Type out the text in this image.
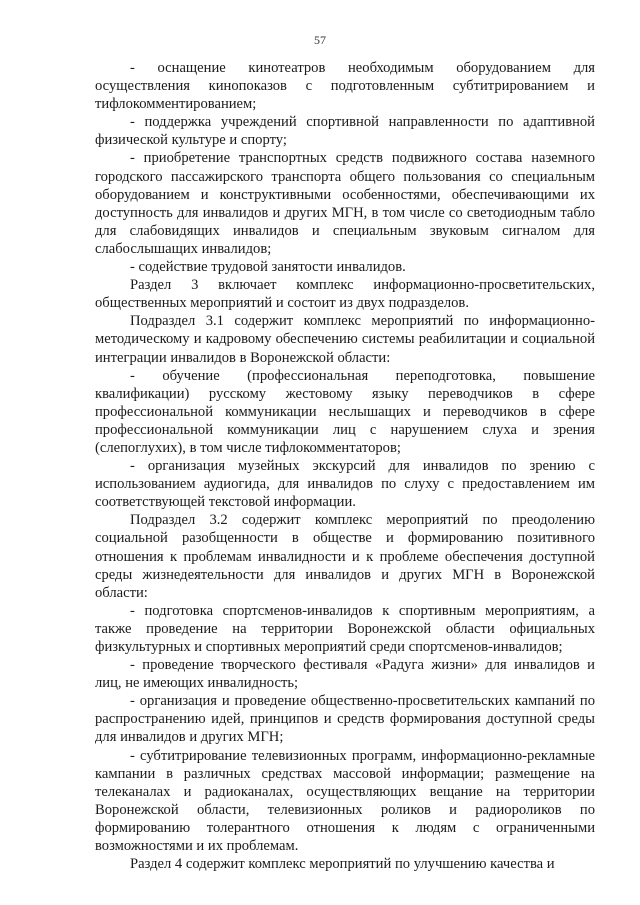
57

- оснащение кинотеатров необходимым оборудованием для осуществления кинопоказов с подготовленным субтитрированием и тифлокомментированием;

- поддержка учреждений спортивной направленности по адаптивной физической культуре и спорту;

- приобретение транспортных средств подвижного состава наземного городского пассажирского транспорта общего пользования со специальным оборудованием и конструктивными особенностями, обеспечивающими их доступность для инвалидов и других МГН, в том числе со светодиодным табло для слабовидящих инвалидов и специальным звуковым сигналом для слабослышащих инвалидов;

- содействие трудовой занятости инвалидов.

Раздел 3 включает комплекс информационно-просветительских, общественных мероприятий и состоит из двух подразделов.

Подраздел 3.1 содержит комплекс мероприятий по информационно-методическому и кадровому обеспечению системы реабилитации и социальной интеграции инвалидов в Воронежской области:

- обучение (профессиональная переподготовка, повышение квалификации) русскому жестовому языку переводчиков в сфере профессиональной коммуникации неслышащих и переводчиков в сфере профессиональной коммуникации лиц с нарушением слуха и зрения (слепоглухих), в том числе тифлокомментаторов;

- организация музейных экскурсий для инвалидов по зрению с использованием аудиогида, для инвалидов по слуху с предоставлением им соответствующей текстовой информации.

Подраздел 3.2 содержит комплекс мероприятий по преодолению социальной разобщенности в обществе и формированию позитивного отношения к проблемам инвалидности и к проблеме обеспечения доступной среды жизнедеятельности для инвалидов и других МГН в Воронежской области:

- подготовка спортсменов-инвалидов к спортивным мероприятиям, а также проведение на территории Воронежской области официальных физкультурных и спортивных мероприятий среди спортсменов-инвалидов;

- проведение творческого фестиваля «Радуга жизни» для инвалидов и лиц, не имеющих инвалидность;

- организация и проведение общественно-просветительских кампаний по распространению идей, принципов и средств формирования доступной среды для инвалидов и других МГН;

- субтитрирование телевизионных программ, информационно-рекламные кампании в различных средствах массовой информации; размещение на телеканалах и радиоканалах, осуществляющих вещание на территории Воронежской области, телевизионных роликов и радиороликов по формированию толерантного отношения к людям с ограниченными возможностями и их проблемам.

Раздел 4 содержит комплекс мероприятий по улучшению качества и
